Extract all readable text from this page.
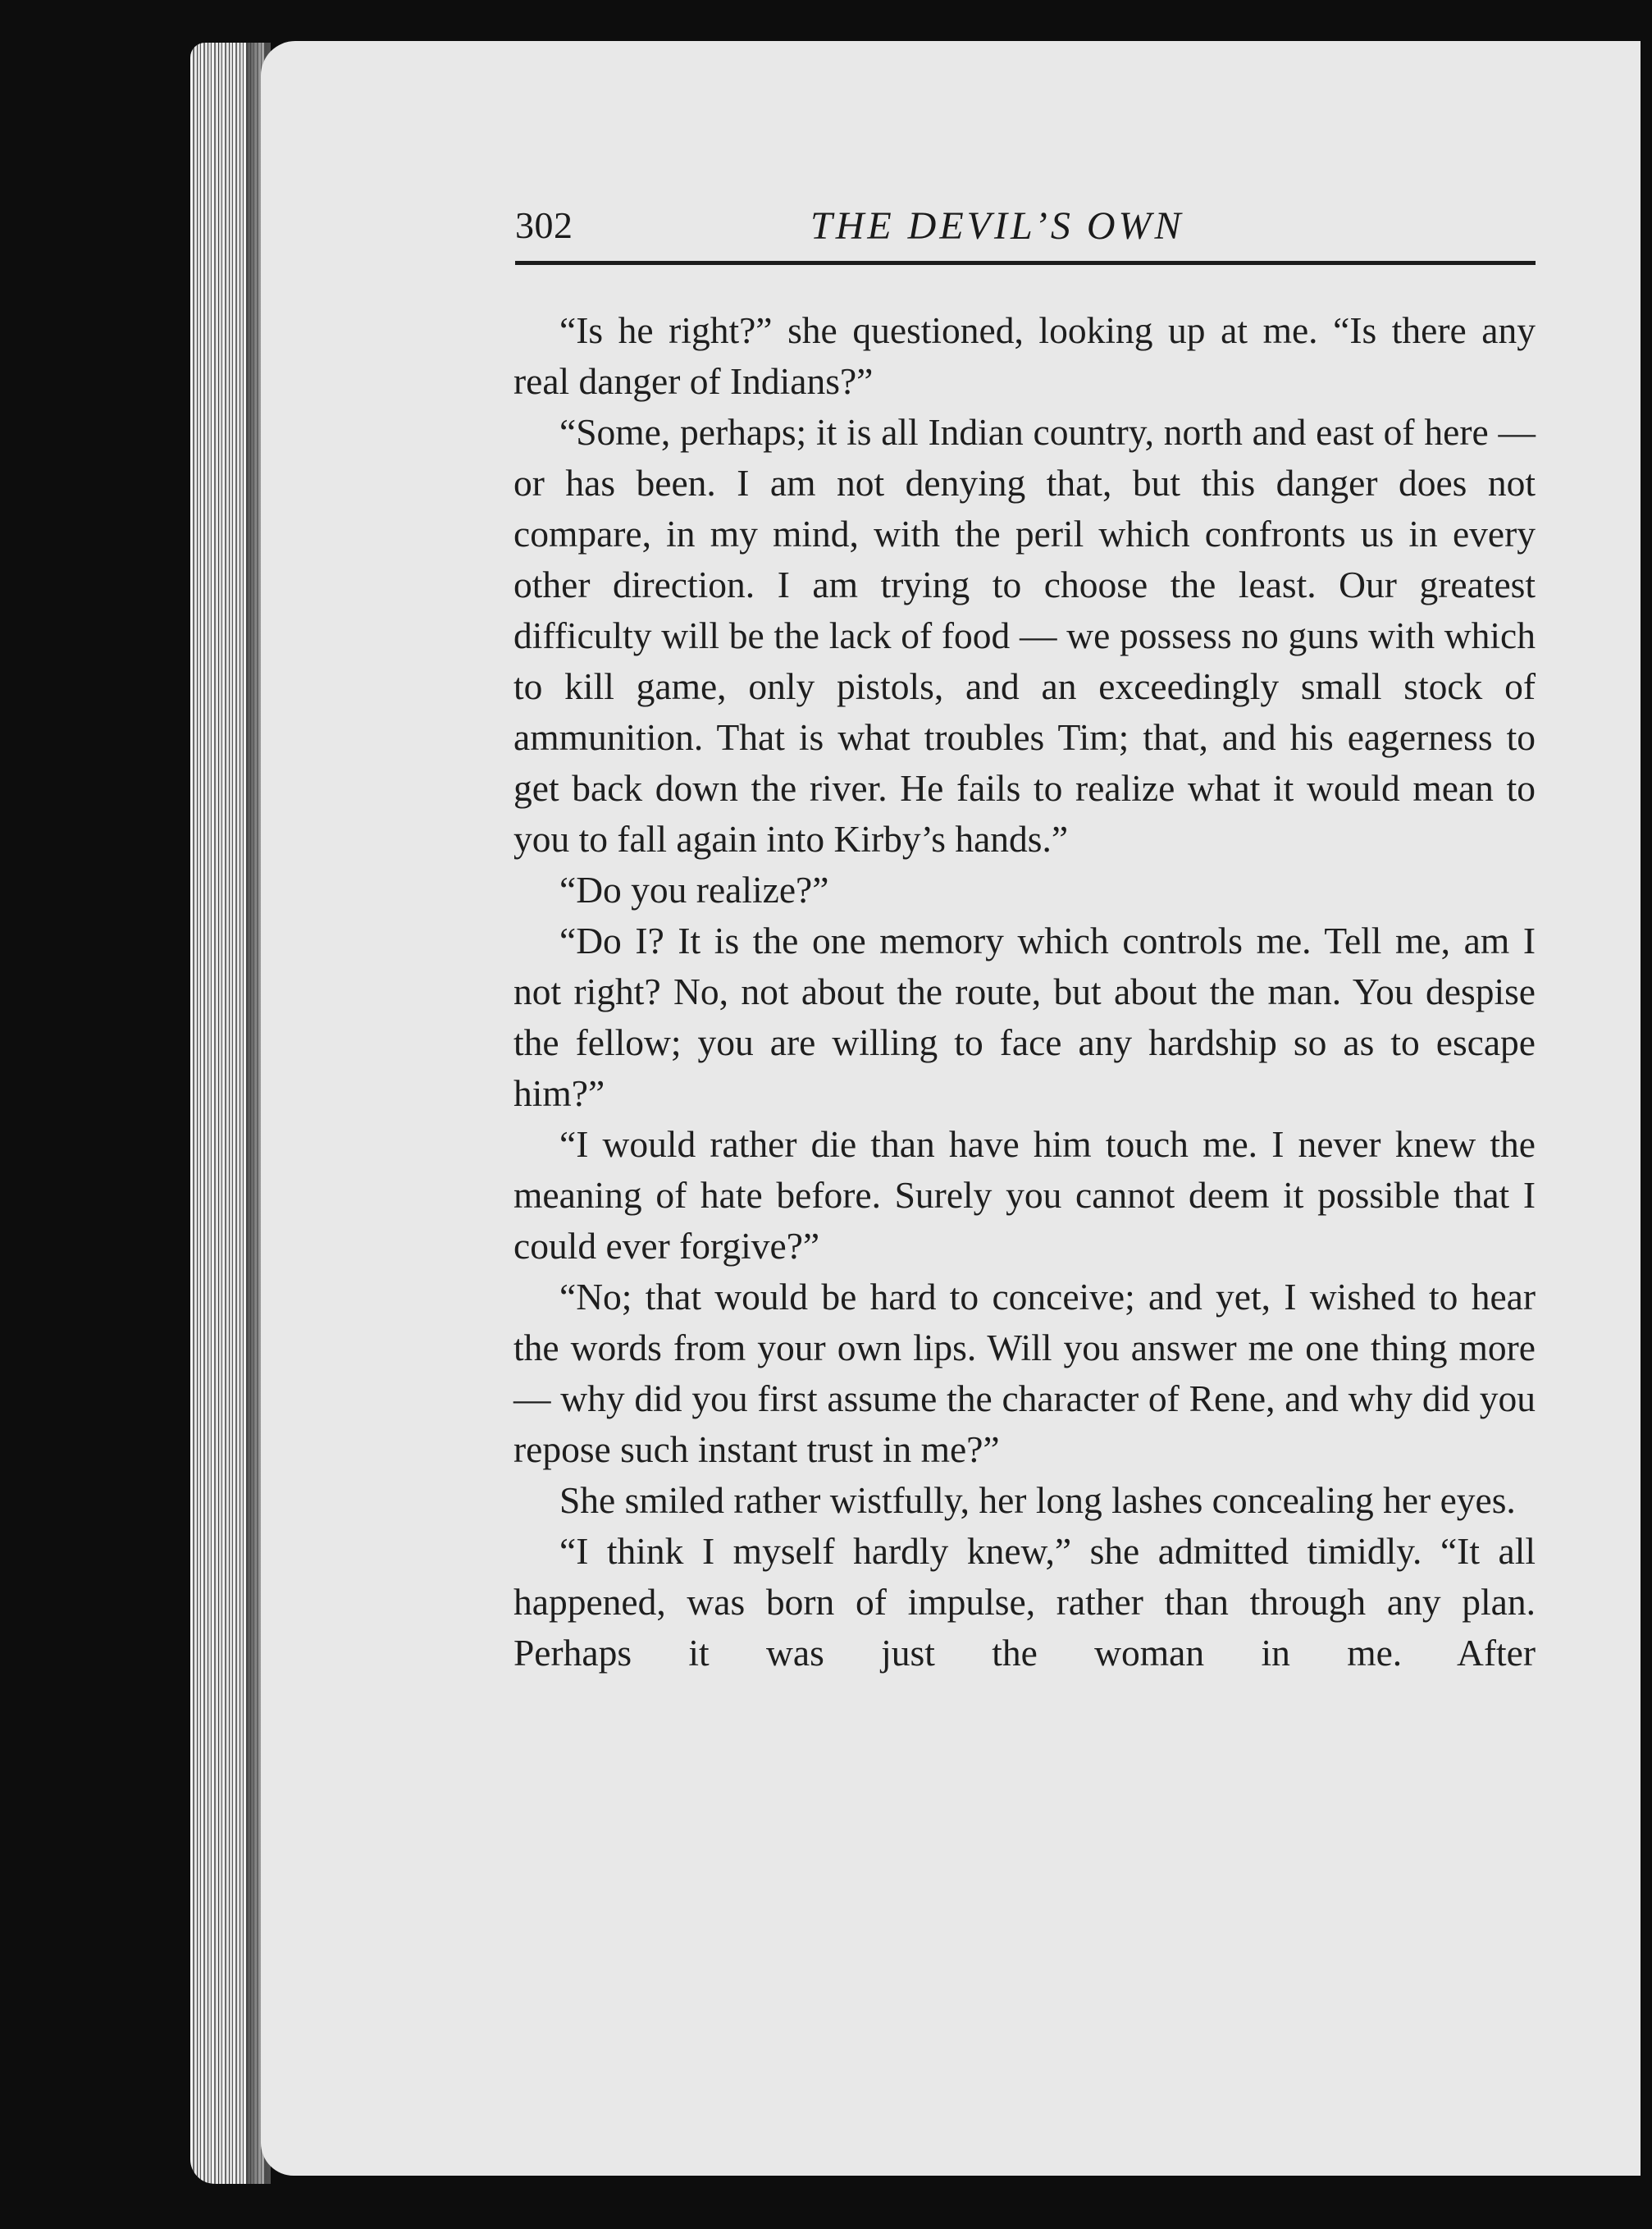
302	THE DEVIL’S OWN

“Is he right?” she questioned, looking up at me. “Is there any real danger of Indians?”

“Some, perhaps; it is all Indian country, north and east of here — or has been. I am not denying that, but this danger does not compare, in my mind, with the peril which confronts us in every other direction. I am trying to choose the least. Our greatest difficulty will be the lack of food — we possess no guns with which to kill game, only pistols, and an exceedingly small stock of ammunition. That is what troubles Tim; that, and his eagerness to get back down the river. He fails to realize what it would mean to you to fall again into Kirby’s hands.”

“Do you realize?”

“Do I? It is the one memory which controls me. Tell me, am I not right? No, not about the route, but about the man. You despise the fellow; you are willing to face any hardship so as to escape him?”

“I would rather die than have him touch me. I never knew the meaning of hate before. Surely you cannot deem it possible that I could ever forgive?”

“No; that would be hard to conceive; and yet, I wished to hear the words from your own lips. Will you answer me one thing more — why did you first assume the character of Rene, and why did you repose such instant trust in me?”

She smiled rather wistfully, her long lashes concealing her eyes.

“I think I myself hardly knew,” she admitted timidly. “It all happened, was born of impulse, rather than through any plan. Perhaps it was just the woman in me. After
